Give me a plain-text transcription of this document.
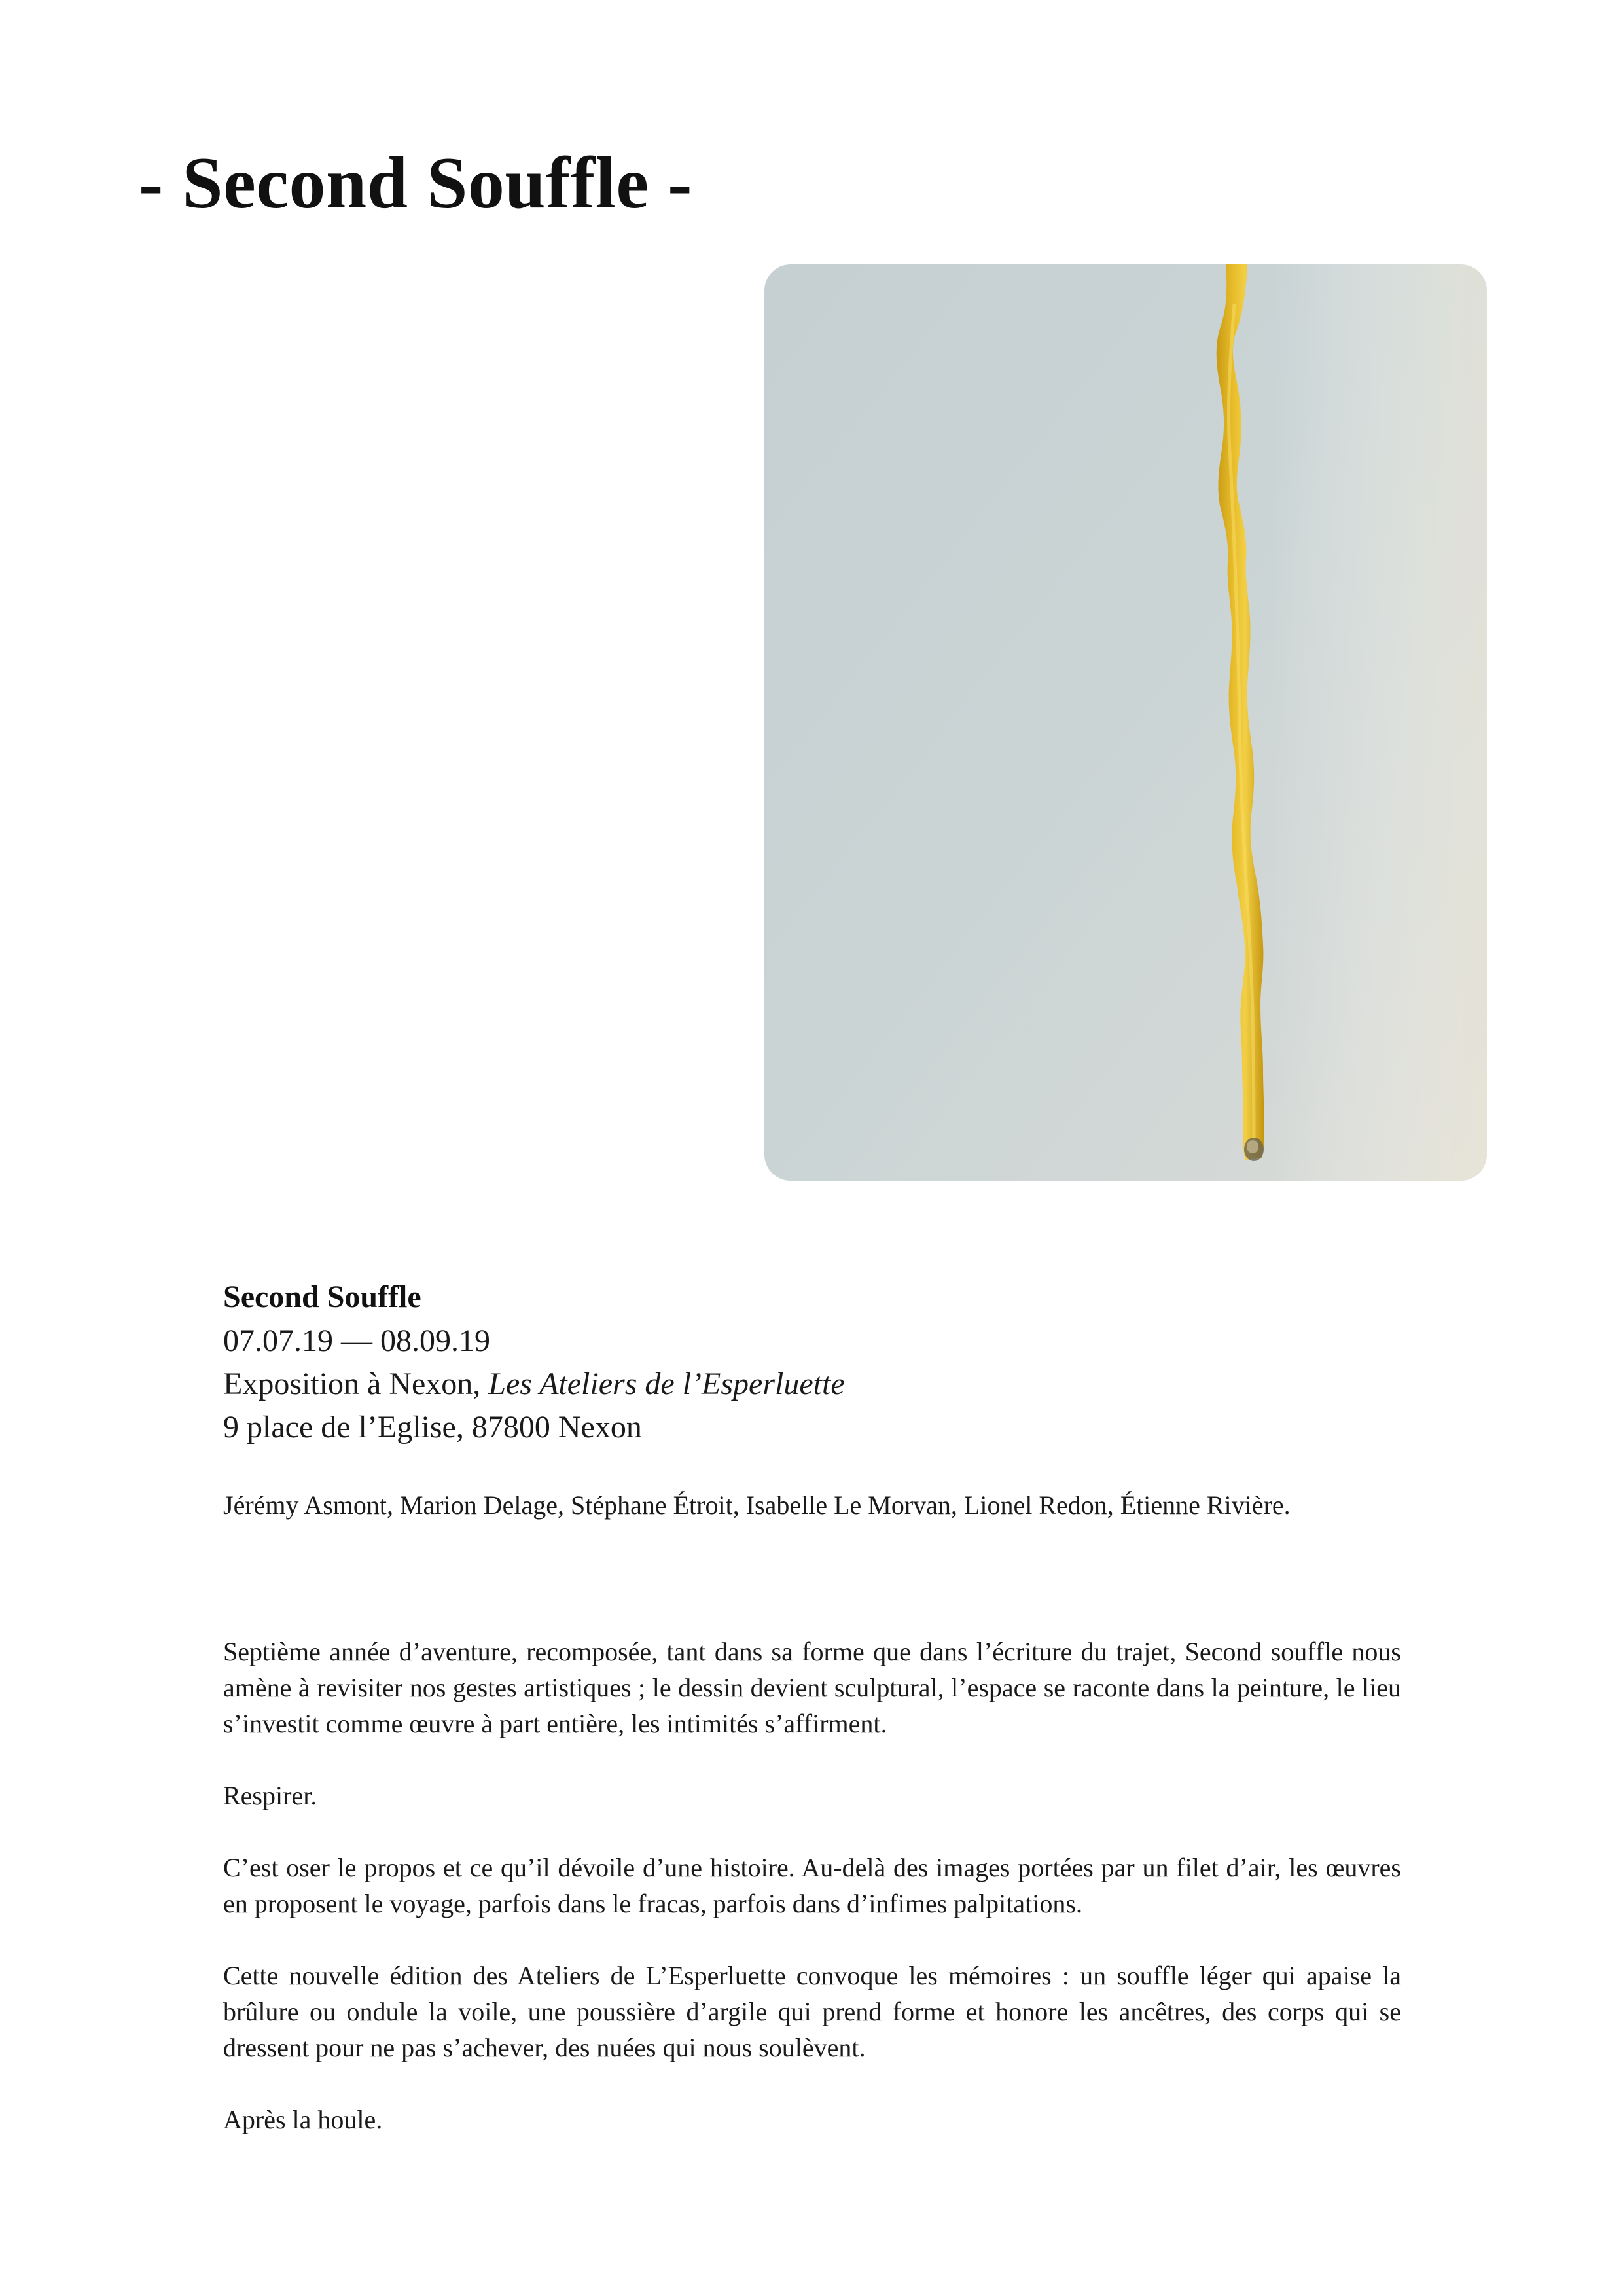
- Second Souffle -

Second Souffle

07.07.19 — 08.09.19

Exposition à Nexon, Les Ateliers de l’Esperluette

9 place de l’Eglise, 87800 Nexon

Jérémy Asmont, Marion Delage, Stéphane Étroit, Isabelle Le Morvan, Lionel Redon, Étienne Rivière.

Septième année d’aventure, recomposée, tant dans sa forme que dans l’écriture du trajet, Second souffle nous amène à revisiter nos gestes artistiques ; le dessin devient sculptural, l’espace se raconte dans la peinture, le lieu s’investit comme œuvre à part entière, les intimités s’affirment.

Respirer.

C’est oser le propos et ce qu’il dévoile d’une histoire. Au-delà des images portées par un filet d’air, les œuvres en proposent le voyage, parfois dans le fracas, parfois dans d’infimes palpitations.

Cette nouvelle édition des Ateliers de L’Esperluette convoque les mémoires : un souffle léger qui apaise la brûlure ou ondule la voile, une poussière d’argile qui prend forme et honore les ancêtres, des corps qui se dressent pour ne pas s’achever, des nuées qui nous soulèvent.

Après la houle.
